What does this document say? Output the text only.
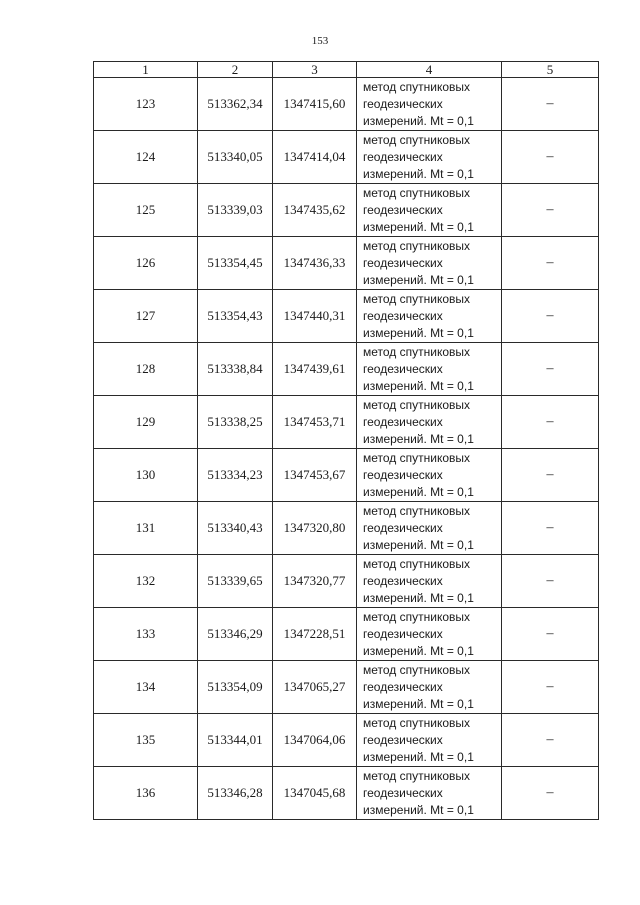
153
1	2	3	4	5
123	513362,34	1347415,60	метод спутниковых
геодезических
измерений. Mt = 0,1	–
124	513340,05	1347414,04	метод спутниковых
геодезических
измерений. Mt = 0,1	–
125	513339,03	1347435,62	метод спутниковых
геодезических
измерений. Mt = 0,1	–
126	513354,45	1347436,33	метод спутниковых
геодезических
измерений. Mt = 0,1	–
127	513354,43	1347440,31	метод спутниковых
геодезических
измерений. Mt = 0,1	–
128	513338,84	1347439,61	метод спутниковых
геодезических
измерений. Mt = 0,1	–
129	513338,25	1347453,71	метод спутниковых
геодезических
измерений. Mt = 0,1	–
130	513334,23	1347453,67	метод спутниковых
геодезических
измерений. Mt = 0,1	–
131	513340,43	1347320,80	метод спутниковых
геодезических
измерений. Mt = 0,1	–
132	513339,65	1347320,77	метод спутниковых
геодезических
измерений. Mt = 0,1	–
133	513346,29	1347228,51	метод спутниковых
геодезических
измерений. Mt = 0,1	–
134	513354,09	1347065,27	метод спутниковых
геодезических
измерений. Mt = 0,1	–
135	513344,01	1347064,06	метод спутниковых
геодезических
измерений. Mt = 0,1	–
136	513346,28	1347045,68	метод спутниковых
геодезических
измерений. Mt = 0,1	–
